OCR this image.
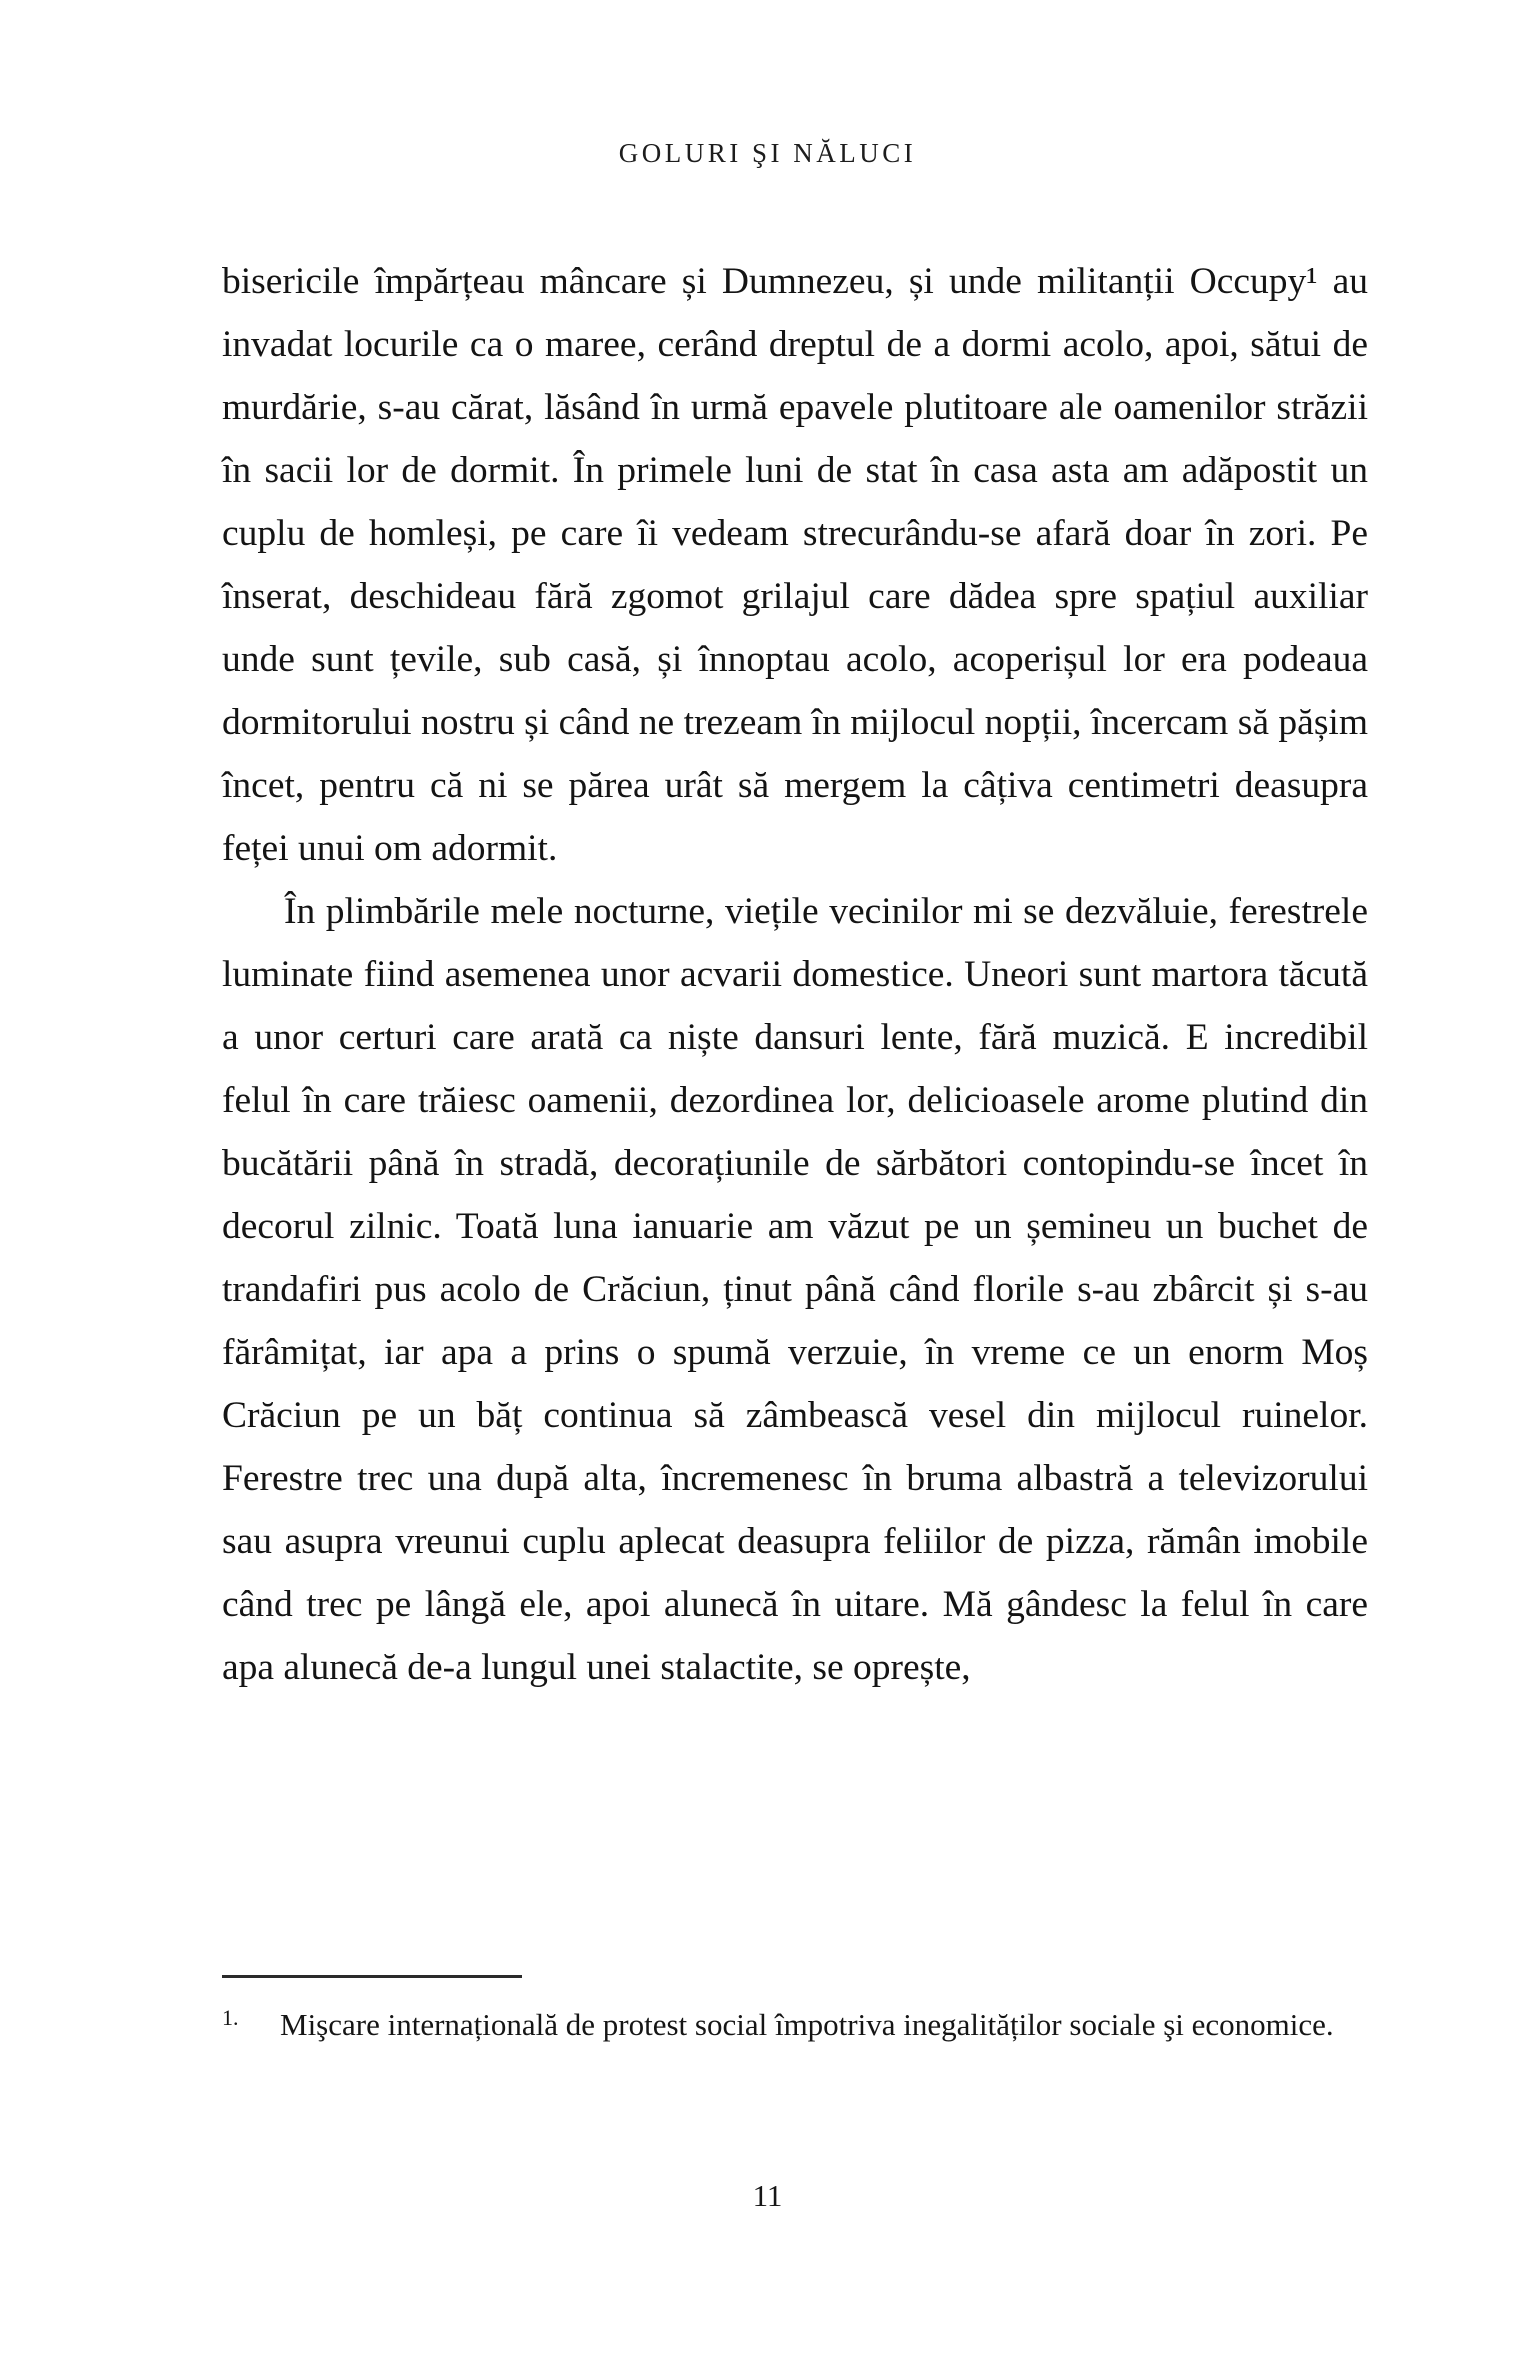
GOLURI ŞI NĂLUCI

bisericile împărțeau mâncare și Dumnezeu, și unde militanții Occupy¹ au invadat locurile ca o maree, cerând dreptul de a dormi acolo, apoi, sătui de murdărie, s-au cărat, lăsând în urmă epavele plutitoare ale oamenilor străzii în sacii lor de dormit. În primele luni de stat în casa asta am adăpostit un cuplu de homleși, pe care îi vedeam strecurându-se afară doar în zori. Pe înserat, deschideau fără zgomot grilajul care dădea spre spațiul auxiliar unde sunt țevile, sub casă, și înnoptau acolo, acoperișul lor era podeaua dormitorului nostru și când ne trezeam în mijlocul nopții, încercam să pășim încet, pentru că ni se părea urât să mergem la câțiva centimetri deasupra feței unui om adormit.

În plimbările mele nocturne, viețile vecinilor mi se dezvăluie, ferestrele luminate fiind asemenea unor acvarii domestice. Uneori sunt martora tăcută a unor certuri care arată ca niște dansuri lente, fără muzică. E incredibil felul în care trăiesc oamenii, dezordinea lor, delicioasele arome plutind din bucătării până în stradă, decorațiunile de sărbători contopindu-se încet în decorul zilnic. Toată luna ianuarie am văzut pe un șemineu un buchet de trandafiri pus acolo de Crăciun, ținut până când florile s-au zbârcit și s-au fărâmițat, iar apa a prins o spumă verzuie, în vreme ce un enorm Moș Crăciun pe un băț continua să zâmbească vesel din mijlocul ruinelor. Ferestre trec una după alta, încremenesc în bruma albastră a televizorului sau asupra vreunui cuplu aplecat deasupra feliilor de pizza, rămân imobile când trec pe lângă ele, apoi alunecă în uitare. Mă gândesc la felul în care apa alunecă de-a lungul unei stalactite, se oprește,

1. Mişcare internațională de protest social împotriva inegalităților sociale şi economice.
11
